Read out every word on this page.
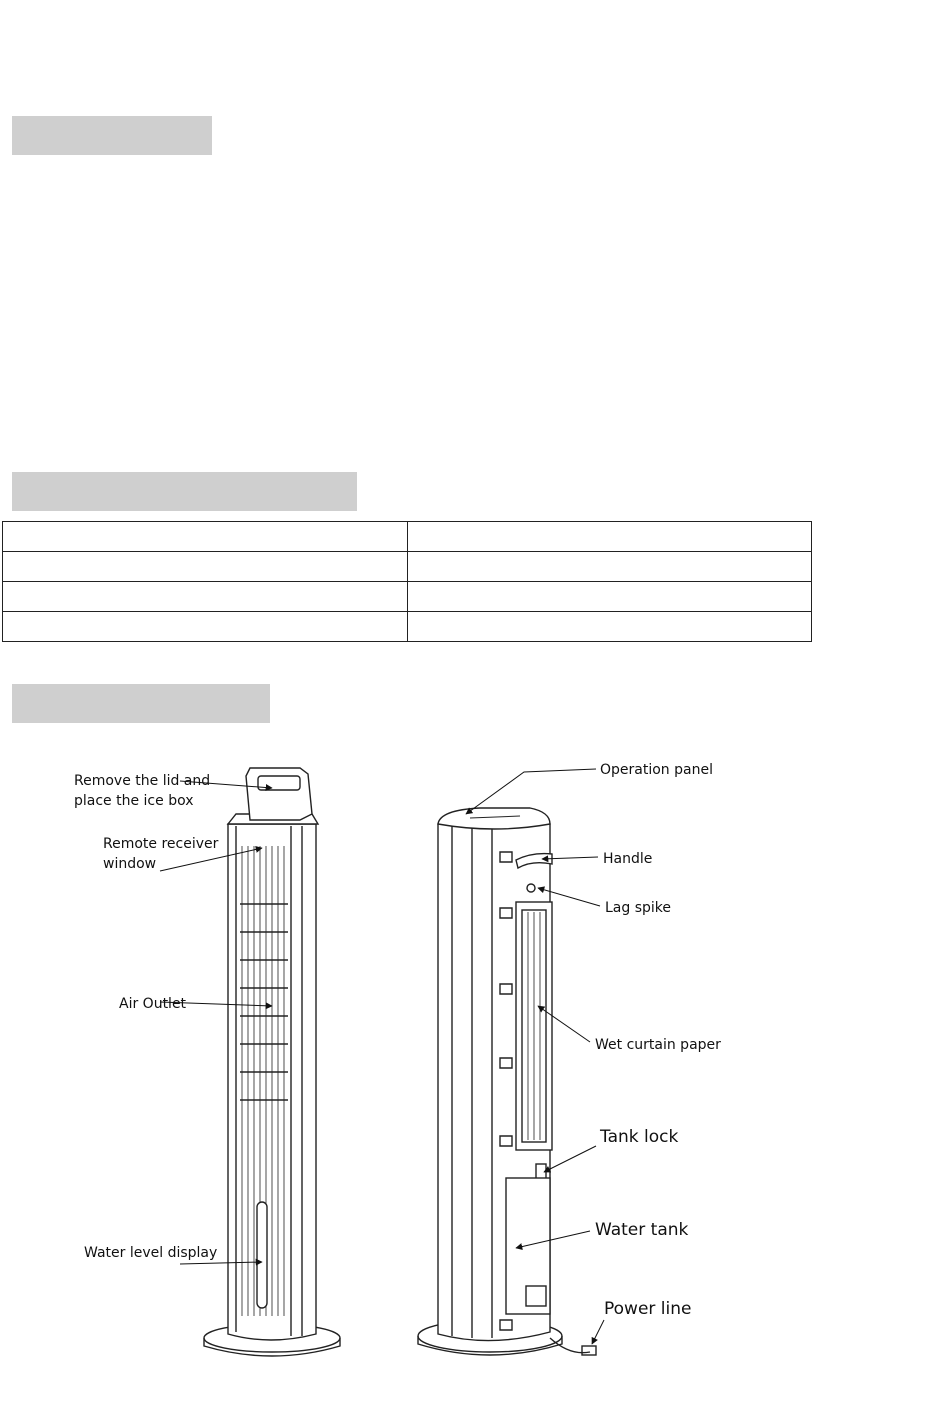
Remove the lid and
place the ice box
Remote receiver
window
Air Outlet
Water level display
Operation panel
Handle
Lag spike
Wet curtain paper
Tank lock
Water tank
Power line
